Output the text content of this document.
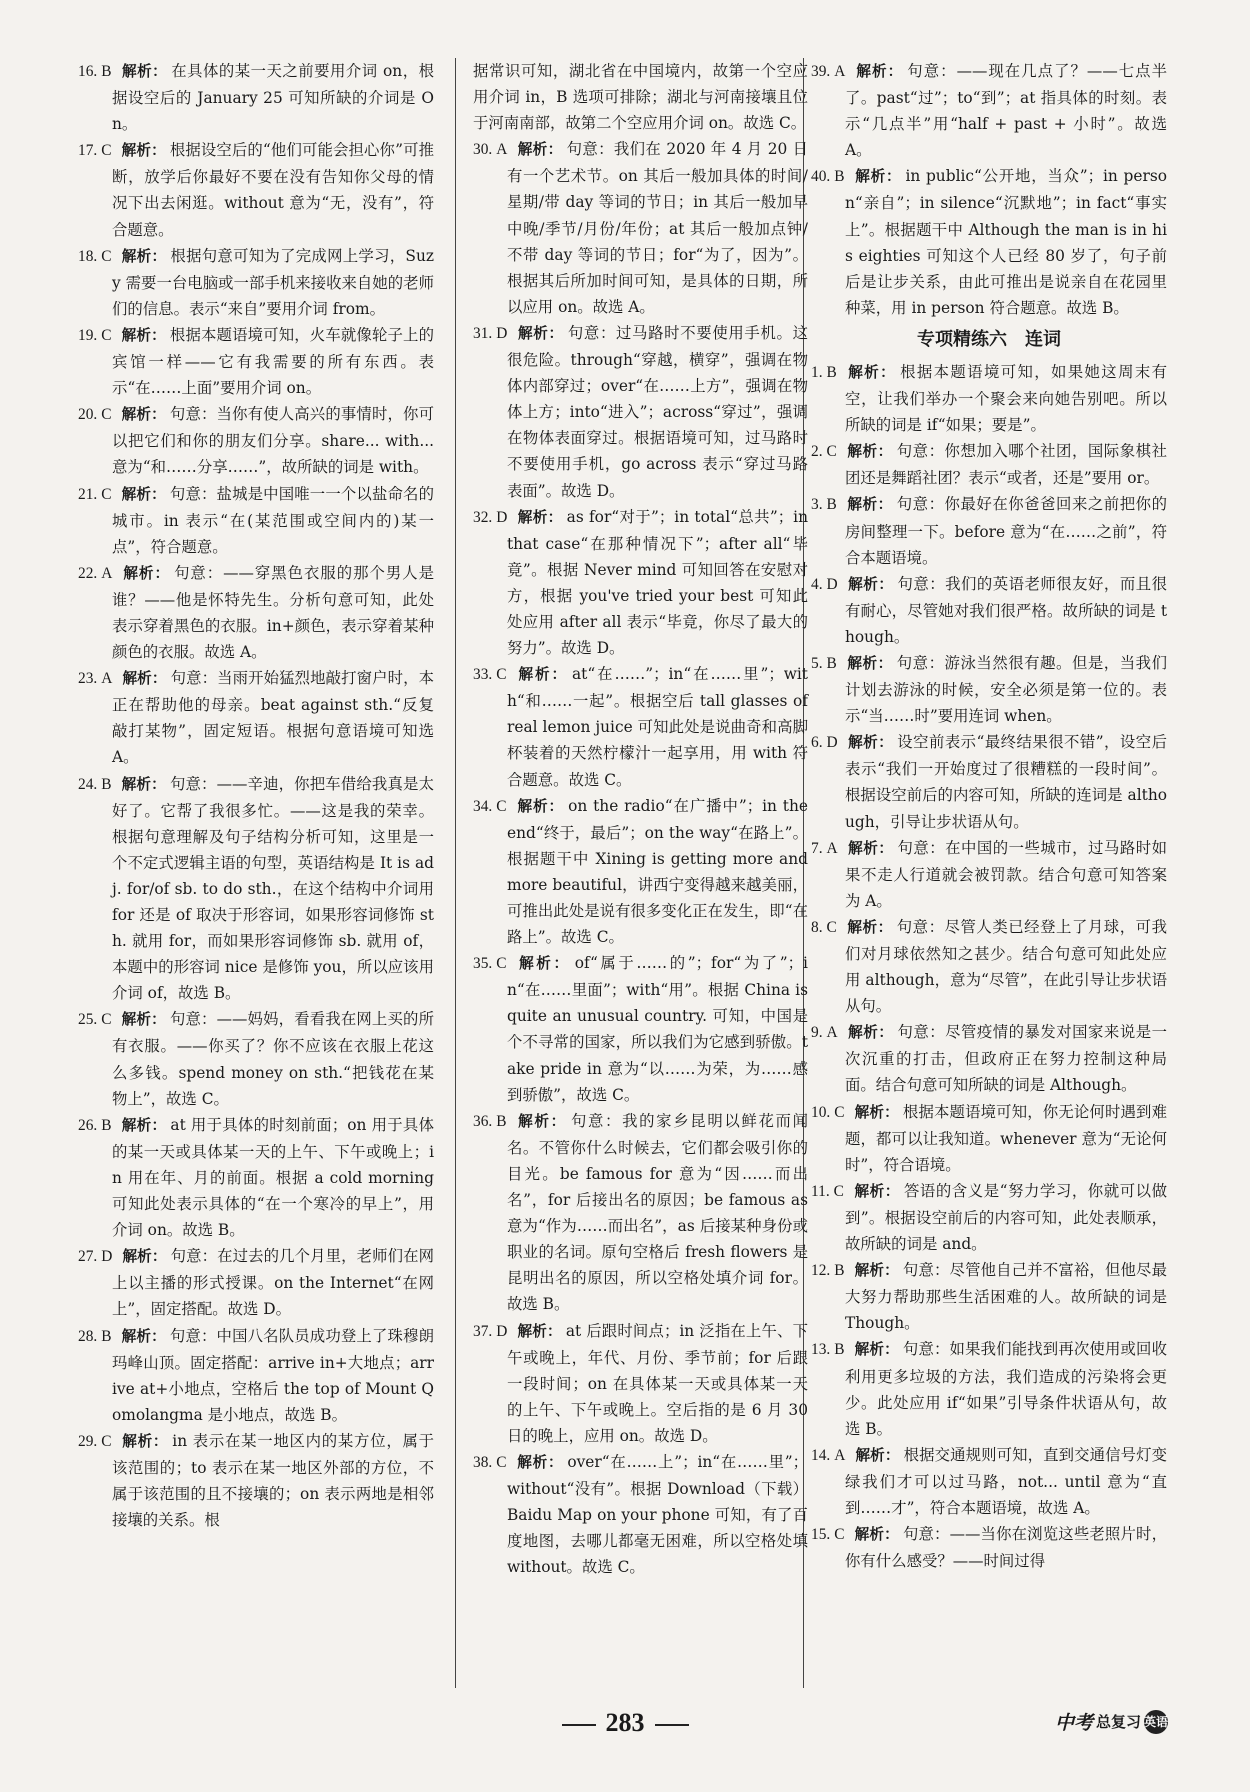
16. B 解析： 在具体的某一天之前要用介词 on，根据设空后的 January 25 可知所缺的介词是 On。

17. C 解析： 根据设空后的“他们可能会担心你”可推断，放学后你最好不要在没有告知你父母的情况下出去闲逛。without 意为“无，没有”，符合题意。

18. C 解析： 根据句意可知为了完成网上学习，Suzy 需要一台电脑或一部手机来接收来自她的老师们的信息。表示“来自”要用介词 from。

19. C 解析： 根据本题语境可知，火车就像轮子上的宾馆一样——它有我需要的所有东西。表示“在……上面”要用介词 on。

20. C 解析： 句意：当你有使人高兴的事情时，你可以把它们和你的朋友们分享。share... with... 意为“和……分享……”，故所缺的词是 with。

21. C 解析： 句意：盐城是中国唯一一个以盐命名的城市。in 表示“在(某范围或空间内的)某一点”，符合题意。

22. A 解析： 句意：——穿黑色衣服的那个男人是谁？——他是怀特先生。分析句意可知，此处表示穿着黑色的衣服。in+颜色，表示穿着某种颜色的衣服。故选 A。

23. A 解析： 句意：当雨开始猛烈地敲打窗户时，本正在帮助他的母亲。beat against sth.“反复敲打某物”，固定短语。根据句意语境可知选 A。

24. B 解析： 句意：——辛迪，你把车借给我真是太好了。它帮了我很多忙。——这是我的荣幸。根据句意理解及句子结构分析可知，这里是一个不定式逻辑主语的句型，英语结构是 It is adj. for/of sb. to do sth.，在这个结构中介词用 for 还是 of 取决于形容词，如果形容词修饰 sth. 就用 for，而如果形容词修饰 sb. 就用 of，本题中的形容词 nice 是修饰 you，所以应该用介词 of，故选 B。

25. C 解析： 句意：——妈妈，看看我在网上买的所有衣服。——你买了？你不应该在衣服上花这么多钱。spend money on sth.“把钱花在某物上”，故选 C。

26. B 解析： at 用于具体的时刻前面；on 用于具体的某一天或具体某一天的上午、下午或晚上；in 用在年、月的前面。根据 a cold morning 可知此处表示具体的“在一个寒冷的早上”，用介词 on。故选 B。

27. D 解析： 句意：在过去的几个月里，老师们在网上以主播的形式授课。on the Internet“在网上”，固定搭配。故选 D。

28. B 解析： 句意：中国八名队员成功登上了珠穆朗玛峰山顶。固定搭配：arrive in+大地点；arrive at+小地点，空格后 the top of Mount Qomolangma 是小地点，故选 B。

29. C 解析： in 表示在某一地区内的某方位，属于该范围的；to 表示在某一地区外部的方位，不属于该范围的且不接壤的；on 表示两地是相邻接壤的关系。根

据常识可知，湖北省在中国境内，故第一个空应用介词 in，B 选项可排除；湖北与河南接壤且位于河南南部，故第二个空应用介词 on。故选 C。

30. A 解析： 句意：我们在 2020 年 4 月 20 日有一个艺术节。on 其后一般加具体的时间/星期/带 day 等词的节日；in 其后一般加早中晚/季节/月份/年份；at 其后一般加点钟/不带 day 等词的节日；for“为了，因为”。根据其后所加时间可知，是具体的日期，所以应用 on。故选 A。

31. D 解析： 句意：过马路时不要使用手机。这很危险。through“穿越，横穿”，强调在物体内部穿过；over“在……上方”，强调在物体上方；into“进入”；across“穿过”，强调在物体表面穿过。根据语境可知，过马路时不要使用手机，go across 表示“穿过马路表面”。故选 D。

32. D 解析： as for“对于”；in total“总共”；in that case“在那种情况下”；after all“毕竟”。根据 Never mind 可知回答在安慰对方，根据 you've tried your best 可知此处应用 after all 表示“毕竟，你尽了最大的努力”。故选 D。

33. C 解析： at“在……”；in“在……里”；with“和……一起”。根据空后 tall glasses of real lemon juice 可知此处是说曲奇和高脚杯装着的天然柠檬汁一起享用，用 with 符合题意。故选 C。

34. C 解析： on the radio“在广播中”；in the end“终于，最后”；on the way“在路上”。根据题干中 Xining is getting more and more beautiful，讲西宁变得越来越美丽，可推出此处是说有很多变化正在发生，即“在路上”。故选 C。

35. C 解析： of“属于……的”；for“为了”；in“在……里面”；with“用”。根据 China is quite an unusual country. 可知，中国是个不寻常的国家，所以我们为它感到骄傲。take pride in 意为“以……为荣，为……感到骄傲”，故选 C。

36. B 解析： 句意：我的家乡昆明以鲜花而闻名。不管你什么时候去，它们都会吸引你的目光。be famous for 意为“因……而出名”，for 后接出名的原因；be famous as 意为“作为……而出名”，as 后接某种身份或职业的名词。原句空格后 fresh flowers 是昆明出名的原因，所以空格处填介词 for。故选 B。

37. D 解析： at 后跟时间点；in 泛指在上午、下午或晚上，年代、月份、季节前；for 后跟一段时间；on 在具体某一天或具体某一天的上午、下午或晚上。空后指的是 6 月 30 日的晚上，应用 on。故选 D。

38. C 解析： over“在……上”；in“在……里”；without“没有”。根据 Download（下载）Baidu Map on your phone 可知，有了百度地图，去哪儿都毫无困难，所以空格处填 without。故选 C。

39. A 解析： 句意：——现在几点了？——七点半了。past“过”；to“到”；at 指具体的时刻。表示“几点半”用“half + past + 小时”。故选 A。

40. B 解析： in public“公开地，当众”；in person“亲自”；in silence“沉默地”；in fact“事实上”。根据题干中 Although the man is in his eighties 可知这个人已经 80 岁了，句子前后是让步关系，由此可推出是说亲自在花园里种菜，用 in person 符合题意。故选 B。

专项精练六　连词

1. B 解析： 根据本题语境可知，如果她这周末有空，让我们举办一个聚会来向她告别吧。所以所缺的词是 if“如果；要是”。

2. C 解析： 句意：你想加入哪个社团，国际象棋社团还是舞蹈社团？表示“或者，还是”要用 or。

3. B 解析： 句意：你最好在你爸爸回来之前把你的房间整理一下。before 意为“在……之前”，符合本题语境。

4. D 解析： 句意：我们的英语老师很友好，而且很有耐心，尽管她对我们很严格。故所缺的词是 though。

5. B 解析： 句意：游泳当然很有趣。但是，当我们计划去游泳的时候，安全必须是第一位的。表示“当……时”要用连词 when。

6. D 解析： 设空前表示“最终结果很不错”，设空后表示“我们一开始度过了很糟糕的一段时间”。根据设空前后的内容可知，所缺的连词是 although，引导让步状语从句。

7. A 解析： 句意：在中国的一些城市，过马路时如果不走人行道就会被罚款。结合句意可知答案为 A。

8. C 解析： 句意：尽管人类已经登上了月球，可我们对月球依然知之甚少。结合句意可知此处应用 although，意为“尽管”，在此引导让步状语从句。

9. A 解析： 句意：尽管疫情的暴发对国家来说是一次沉重的打击，但政府正在努力控制这种局面。结合句意可知所缺的词是 Although。

10. C 解析： 根据本题语境可知，你无论何时遇到难题，都可以让我知道。whenever 意为“无论何时”，符合语境。

11. C 解析： 答语的含义是“努力学习，你就可以做到”。根据设空前后的内容可知，此处表顺承，故所缺的词是 and。

12. B 解析： 句意：尽管他自己并不富裕，但他尽最大努力帮助那些生活困难的人。故所缺的词是 Though。

13. B 解析： 句意：如果我们能找到再次使用或回收利用更多垃圾的方法，我们造成的污染将会更少。此处应用 if“如果”引导条件状语从句，故选 B。

14. A 解析： 根据交通规则可知，直到交通信号灯变绿我们才可以过马路，not... until 意为“直到……才”，符合本题语境，故选 A。

15. C 解析： 句意：——当你在浏览这些老照片时，你有什么感受？——时间过得

283	中考 总复习 英语
